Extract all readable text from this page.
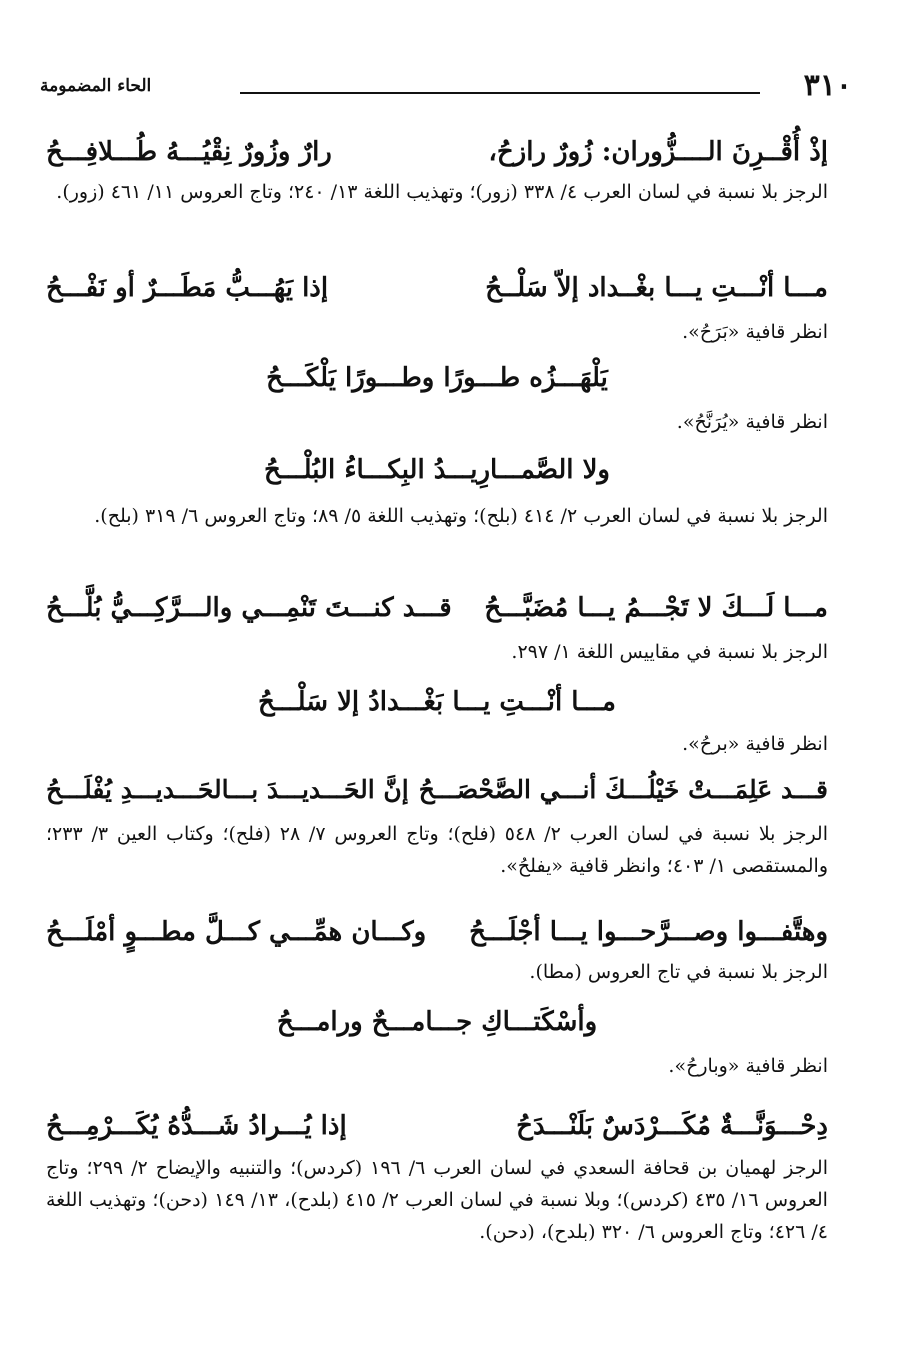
٣١٠
الحاء المضمومة
إذْ أُقْــرِنَ الــــزُّوران: زُورٌ رازحُ،
رارٌ وزُورٌ نِقْيُـــهُ طُـــلافِـــحُ
الرجز بلا نسبة في لسان العرب ٤/ ٣٣٨ (زور)؛ وتهذيب اللغة ١٣/ ٢٤٠؛ وتاج العروس ١١/ ٤٦١ (زور).
مـــا أنْـــتِ يـــا بغْــداد إلاّ سَلْــحُ
إذا يَهُـــبُّ مَطَـــرٌ أو نَفْـــحُ
انظر قافية «بَرَحُ».
يَلْهَـــزُه طـــورًا وطـــورًا يَلْكَـــحُ
انظر قافية «يُرَنَّحُ».
ولا الصَّمـــارِيـــدُ البِكـــاءُ البُلْـــحُ
الرجز بلا نسبة في لسان العرب ٢/ ٤١٤ (بلح)؛ وتهذيب اللغة ٥/ ٨٩؛ وتاج العروس ٦/ ٣١٩ (بلح).
مـــا لَـــكَ لا تَجْـــمُ يـــا مُضَبَّـــحُ
قـــد كنـــتَ تَنْمِـــي والـــرَّكِـــيُّ بُلَّـــحُ
الرجز بلا نسبة في مقاييس اللغة ١/ ٢٩٧.
مـــا أنْـــتِ يـــا بَغْـــدادُ إلا سَلْـــحُ
انظر قافية «برحُ».
قـــد عَلِمَـــتْ خَيْلُـــكَ أنـــي الصَّحْصَـــحُ
إنَّ الحَـــديـــدَ بـــالحَـــديـــدِ يُفْلَـــحُ
الرجز بلا نسبة في لسان العرب ٢/ ٥٤٨ (فلح)؛ وتاج العروس ٧/ ٢٨ (فلح)؛ وكتاب العين ٣/ ٢٣٣؛ والمستقصى ١/ ٤٠٣؛ وانظر قافية «يفلحُ».
وهتَّفـــوا وصـــرَّحـــوا يـــا أجْلَـــحُ
وكـــان همِّـــي كـــلَّ مطـــوٍ أمْلَـــحُ
الرجز بلا نسبة في تاج العروس (مطا).
وأسْكَتـــاكِ جـــامـــحٌ ورامـــحُ
انظر قافية «وبارحُ».
دِحْـــوَنَّـــةٌ مُكَـــرْدَسٌ بَلَنْـــدَحُ
إذا يُـــرادُ شَـــدُّهُ يُكَـــرْمِـــحُ
الرجز لهميان بن قحافة السعدي في لسان العرب ٦/ ١٩٦ (كردس)؛ والتنبيه والإيضاح ٢/ ٢٩٩؛ وتاج العروس ١٦/ ٤٣٥ (كردس)؛ وبلا نسبة في لسان العرب ٢/ ٤١٥ (بلدح)، ١٣/ ١٤٩ (دحن)؛ وتهذيب اللغة ٤/ ٤٢٦؛ وتاج العروس ٦/ ٣٢٠ (بلدح)، (دحن).
